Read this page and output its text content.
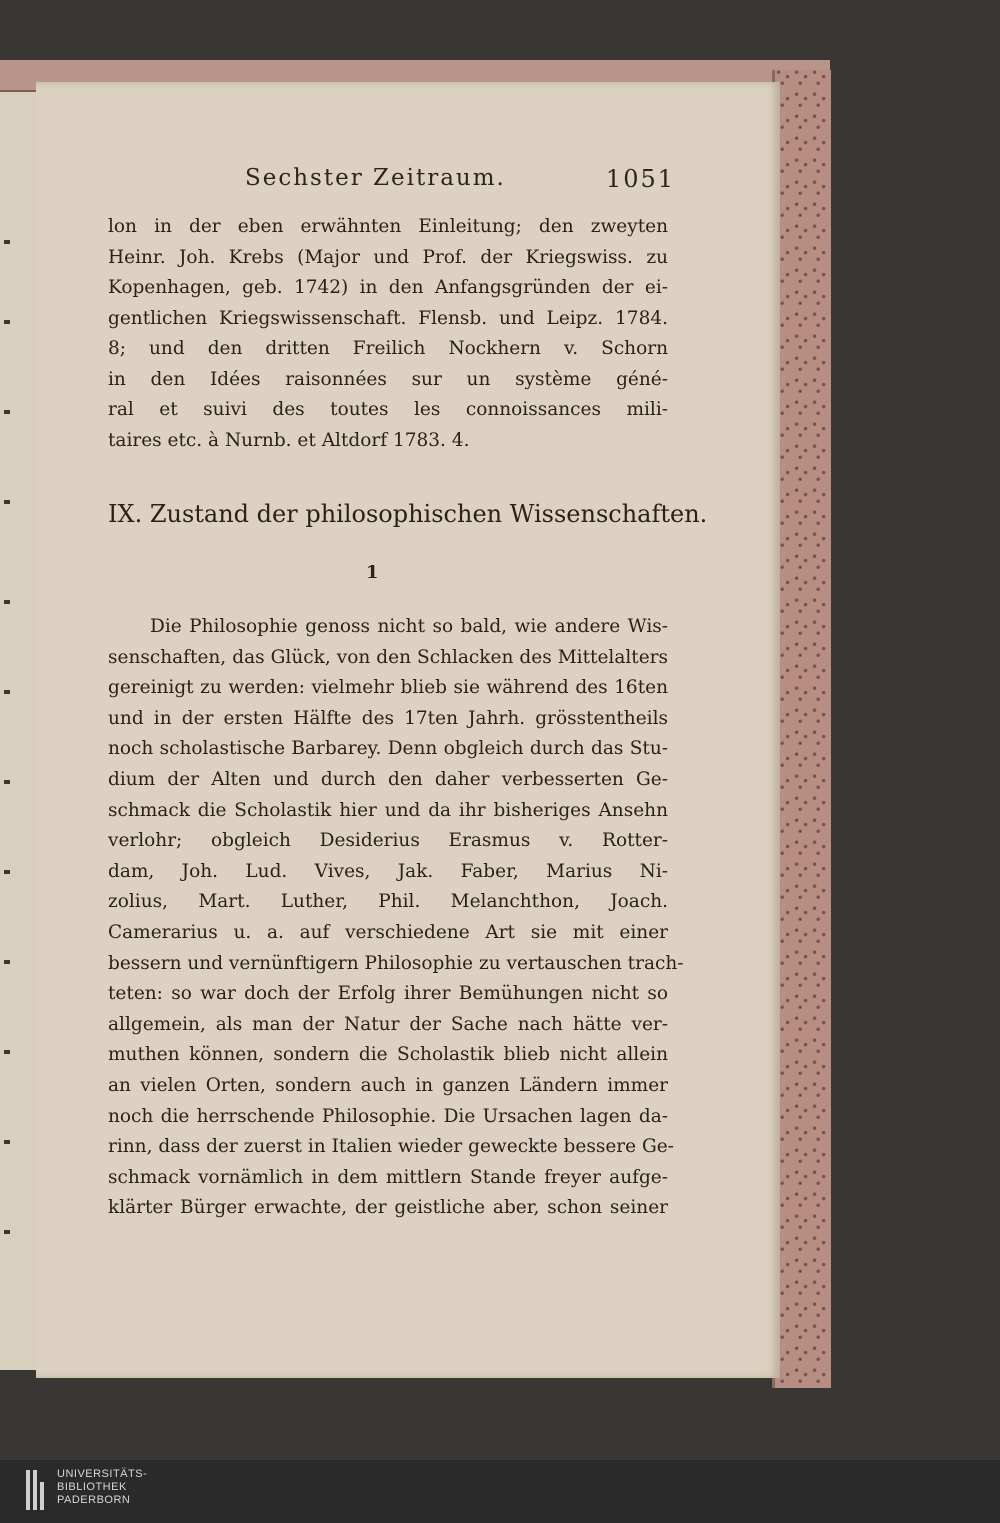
Sechster Zeitraum.	1051
lon in der eben erwähnten Einleitung; den zweyten
Heinr. Joh. Krebs (Major und Prof. der Kriegswiss. zu
Kopenhagen, geb. 1742) in den Anfangsgründen der ei-
gentlichen Kriegswissenschaft. Flensb. und Leipz. 1784.
8; und den dritten Freilich Nockhern v. Schorn
in den Idées raisonnées sur un système géné-
ral et suivi des toutes les connoissances mili-
taires etc. à Nurnb. et Altdorf 1783. 4.
IX. Zustand der philosophischen Wissenschaften.
1
Die Philosophie genoss nicht so bald, wie andere Wis-
senschaften, das Glück, von den Schlacken des Mittelalters
gereinigt zu werden: vielmehr blieb sie während des 16ten
und in der ersten Hälfte des 17ten Jahrh. grösstentheils
noch scholastische Barbarey. Denn obgleich durch das Stu-
dium der Alten und durch den daher verbesserten Ge-
schmack die Scholastik hier und da ihr bisheriges Ansehn
verlohr; obgleich Desiderius Erasmus v. Rotter-
dam, Joh. Lud. Vives, Jak. Faber, Marius Ni-
zolius, Mart. Luther, Phil. Melanchthon, Joach.
Camerarius u. a. auf verschiedene Art sie mit einer
bessern und vernünftigern Philosophie zu vertauschen trach-
teten: so war doch der Erfolg ihrer Bemühungen nicht so
allgemein, als man der Natur der Sache nach hätte ver-
muthen können, sondern die Scholastik blieb nicht allein
an vielen Orten, sondern auch in ganzen Ländern immer
noch die herrschende Philosophie. Die Ursachen lagen da-
rinn, dass der zuerst in Italien wieder geweckte bessere Ge-
schmack vornämlich in dem mittlern Stande freyer aufge-
klärter Bürger erwachte, der geistliche aber, schon seiner
UNIVERSITÄTS-
BIBLIOTHEK
PADERBORN
